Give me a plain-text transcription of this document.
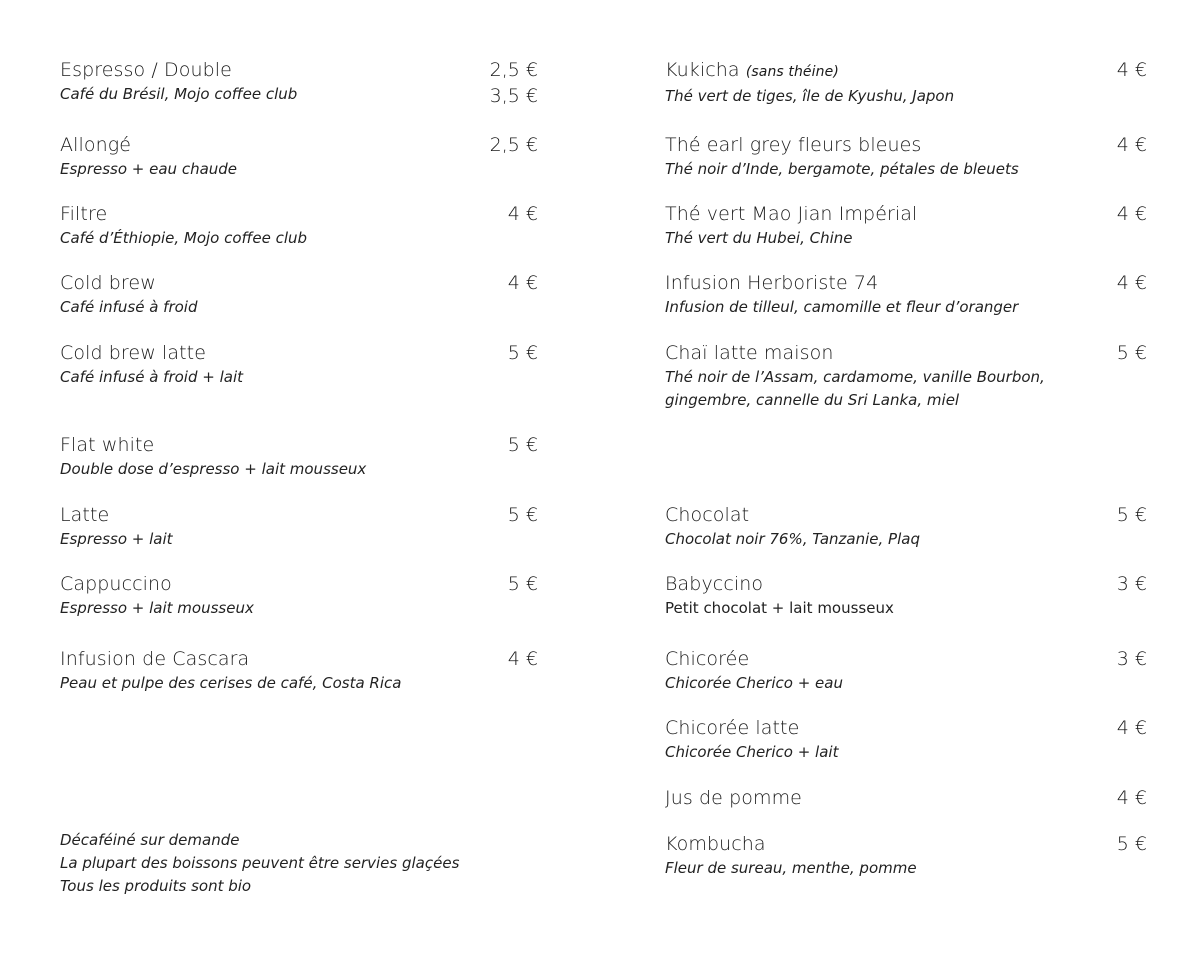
Espresso / Double
Café du Brésil, Mojo coffee club
2,5 €
3,5 €
Allongé
Espresso + eau chaude
2,5 €
Filtre
Café d’Éthiopie, Mojo coffee club
4 €
Cold brew
Café infusé à froid
4 €
Cold brew latte
Café infusé à froid + lait
5 €
Flat white
Double dose d’espresso + lait mousseux
5 €
Latte
Espresso + lait
5 €
Cappuccino
Espresso + lait mousseux
5 €
Infusion de Cascara
Peau et pulpe des cerises de café, Costa Rica
4 €
Décaféiné sur demande
La plupart des boissons peuvent être servies glaçées
Tous les produits sont bio
Kukicha (sans théine)
Thé vert de tiges, île de Kyushu, Japon
4 €
Thé earl grey fleurs bleues
Thé noir d’Inde, bergamote, pétales de bleuets
4 €
Thé vert Mao Jian Impérial
Thé vert du Hubei, Chine
4 €
Infusion Herboriste 74
Infusion de tilleul, camomille et fleur d’oranger
4 €
Chaï latte maison
Thé noir de l’Assam, cardamome, vanille Bourbon,
gingembre, cannelle du Sri Lanka, miel
5 €
Chocolat
Chocolat noir 76%, Tanzanie, Plaq
5 €
Babyccino
Petit chocolat + lait mousseux
3 €
Chicorée
Chicorée Cherico + eau
3 €
Chicorée latte
Chicorée Cherico + lait
4 €
Jus de pomme	4 €
Kombucha
Fleur de sureau, menthe, pomme
5 €
